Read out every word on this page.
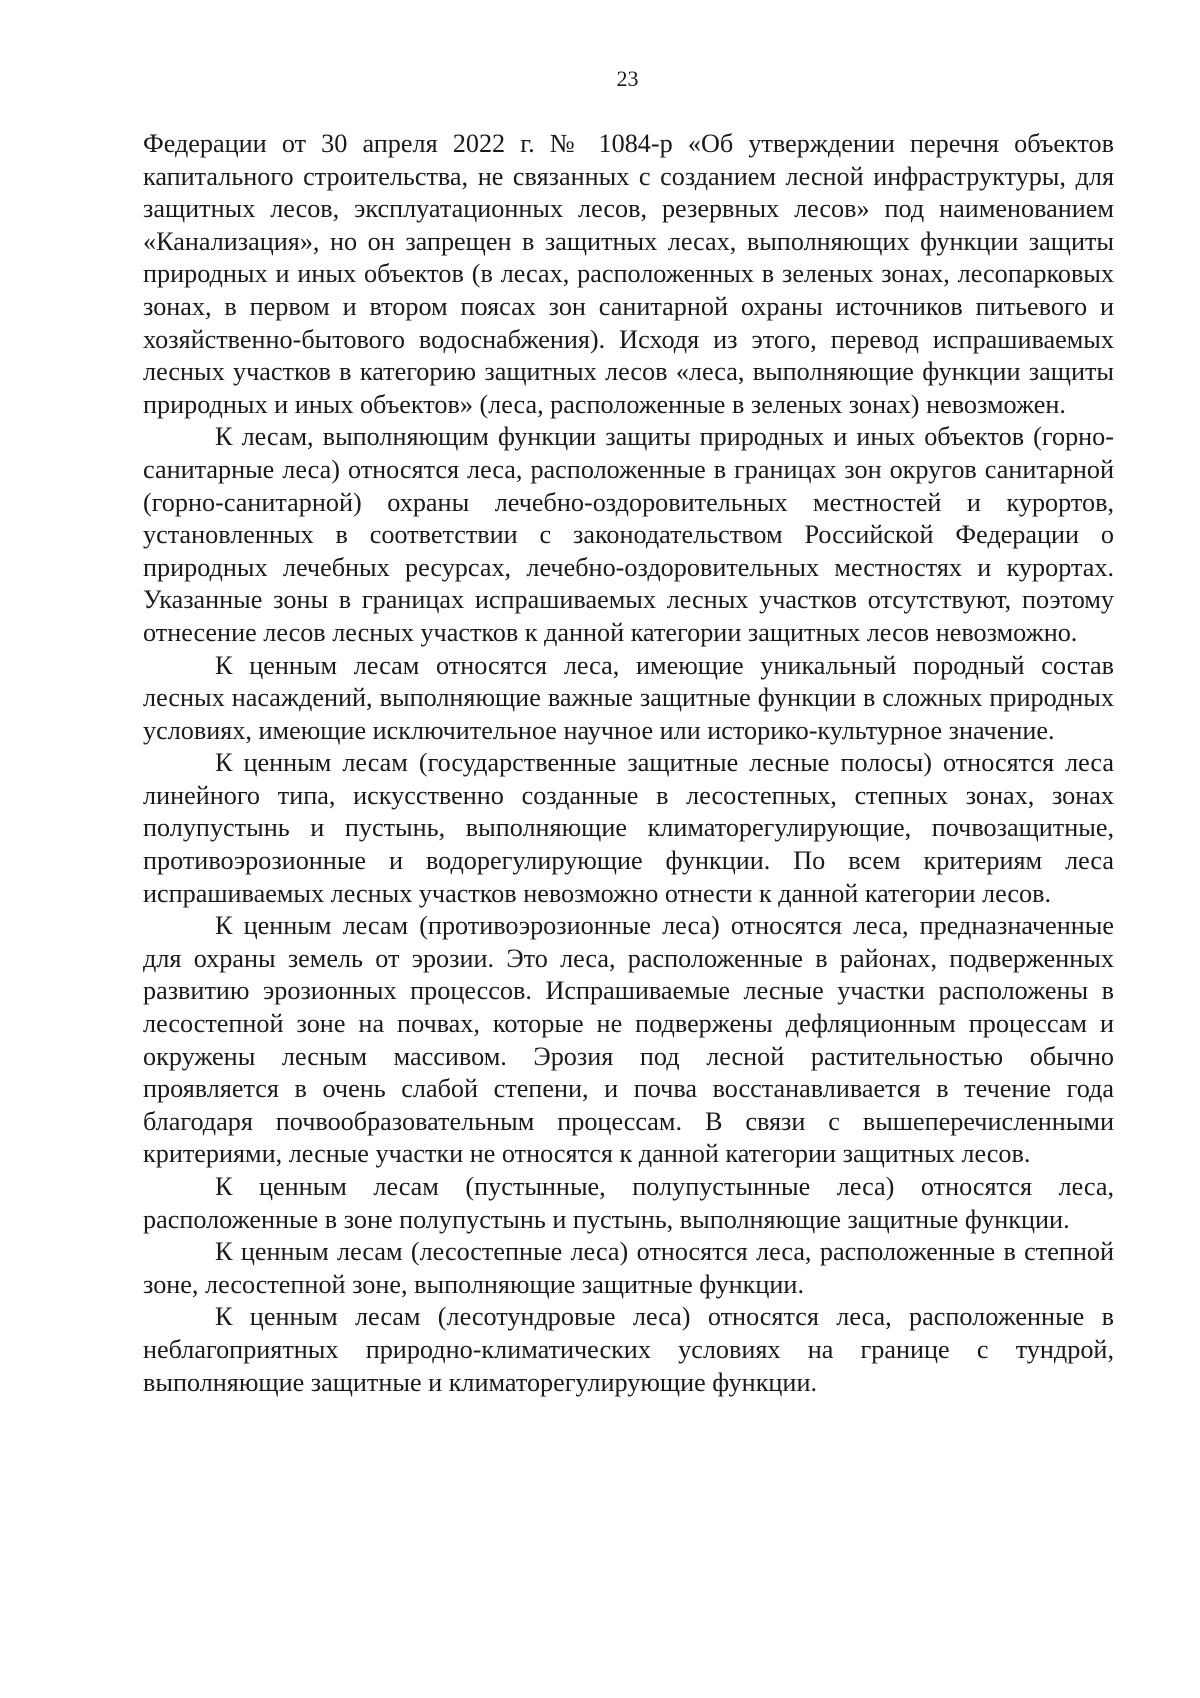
23

Федерации от 30 апреля 2022 г. № 1084-р «Об утверждении перечня объектов капитального строительства, не связанных с созданием лесной инфраструктуры, для защитных лесов, эксплуатационных лесов, резервных лесов» под наименованием «Канализация», но он запрещен в защитных лесах, выполняющих функции защиты природных и иных объектов (в лесах, расположенных в зеленых зонах, лесопарковых зонах, в первом и втором поясах зон санитарной охраны источников питьевого и хозяйственно-бытового водоснабжения). Исходя из этого, перевод испрашиваемых лесных участков в категорию защитных лесов «леса, выполняющие функции защиты природных и иных объектов» (леса, расположенные в зеленых зонах) невозможен.

К лесам, выполняющим функции защиты природных и иных объектов (горно-санитарные леса) относятся леса, расположенные в границах зон округов санитарной (горно-санитарной) охраны лечебно-оздоровительных местностей и курортов, установленных в соответствии с законодательством Российской Федерации о природных лечебных ресурсах, лечебно-оздоровительных местностях и курортах. Указанные зоны в границах испрашиваемых лесных участков отсутствуют, поэтому отнесение лесов лесных участков к данной категории защитных лесов невозможно.

К ценным лесам относятся леса, имеющие уникальный породный состав лесных насаждений, выполняющие важные защитные функции в сложных природных условиях, имеющие исключительное научное или историко-культурное значение.

К ценным лесам (государственные защитные лесные полосы) относятся леса линейного типа, искусственно созданные в лесостепных, степных зонах, зонах полупустынь и пустынь, выполняющие климаторегулирующие, почвозащитные, противоэрозионные и водорегулирующие функции. По всем критериям леса испрашиваемых лесных участков невозможно отнести к данной категории лесов.

К ценным лесам (противоэрозионные леса) относятся леса, предназначенные для охраны земель от эрозии. Это леса, расположенные в районах, подверженных развитию эрозионных процессов. Испрашиваемые лесные участки расположены в лесостепной зоне на почвах, которые не подвержены дефляционным процессам и окружены лесным массивом. Эрозия под лесной растительностью обычно проявляется в очень слабой степени, и почва восстанавливается в течение года благодаря почвообразовательным процессам. В связи с вышеперечисленными критериями, лесные участки не относятся к данной категории защитных лесов.

К ценным лесам (пустынные, полупустынные леса) относятся леса, расположенные в зоне полупустынь и пустынь, выполняющие защитные функции.

К ценным лесам (лесостепные леса) относятся леса, расположенные в степной зоне, лесостепной зоне, выполняющие защитные функции.

К ценным лесам (лесотундровые леса) относятся леса, расположенные в неблагоприятных природно-климатических условиях на границе с тундрой, выполняющие защитные и климаторегулирующие функции.
